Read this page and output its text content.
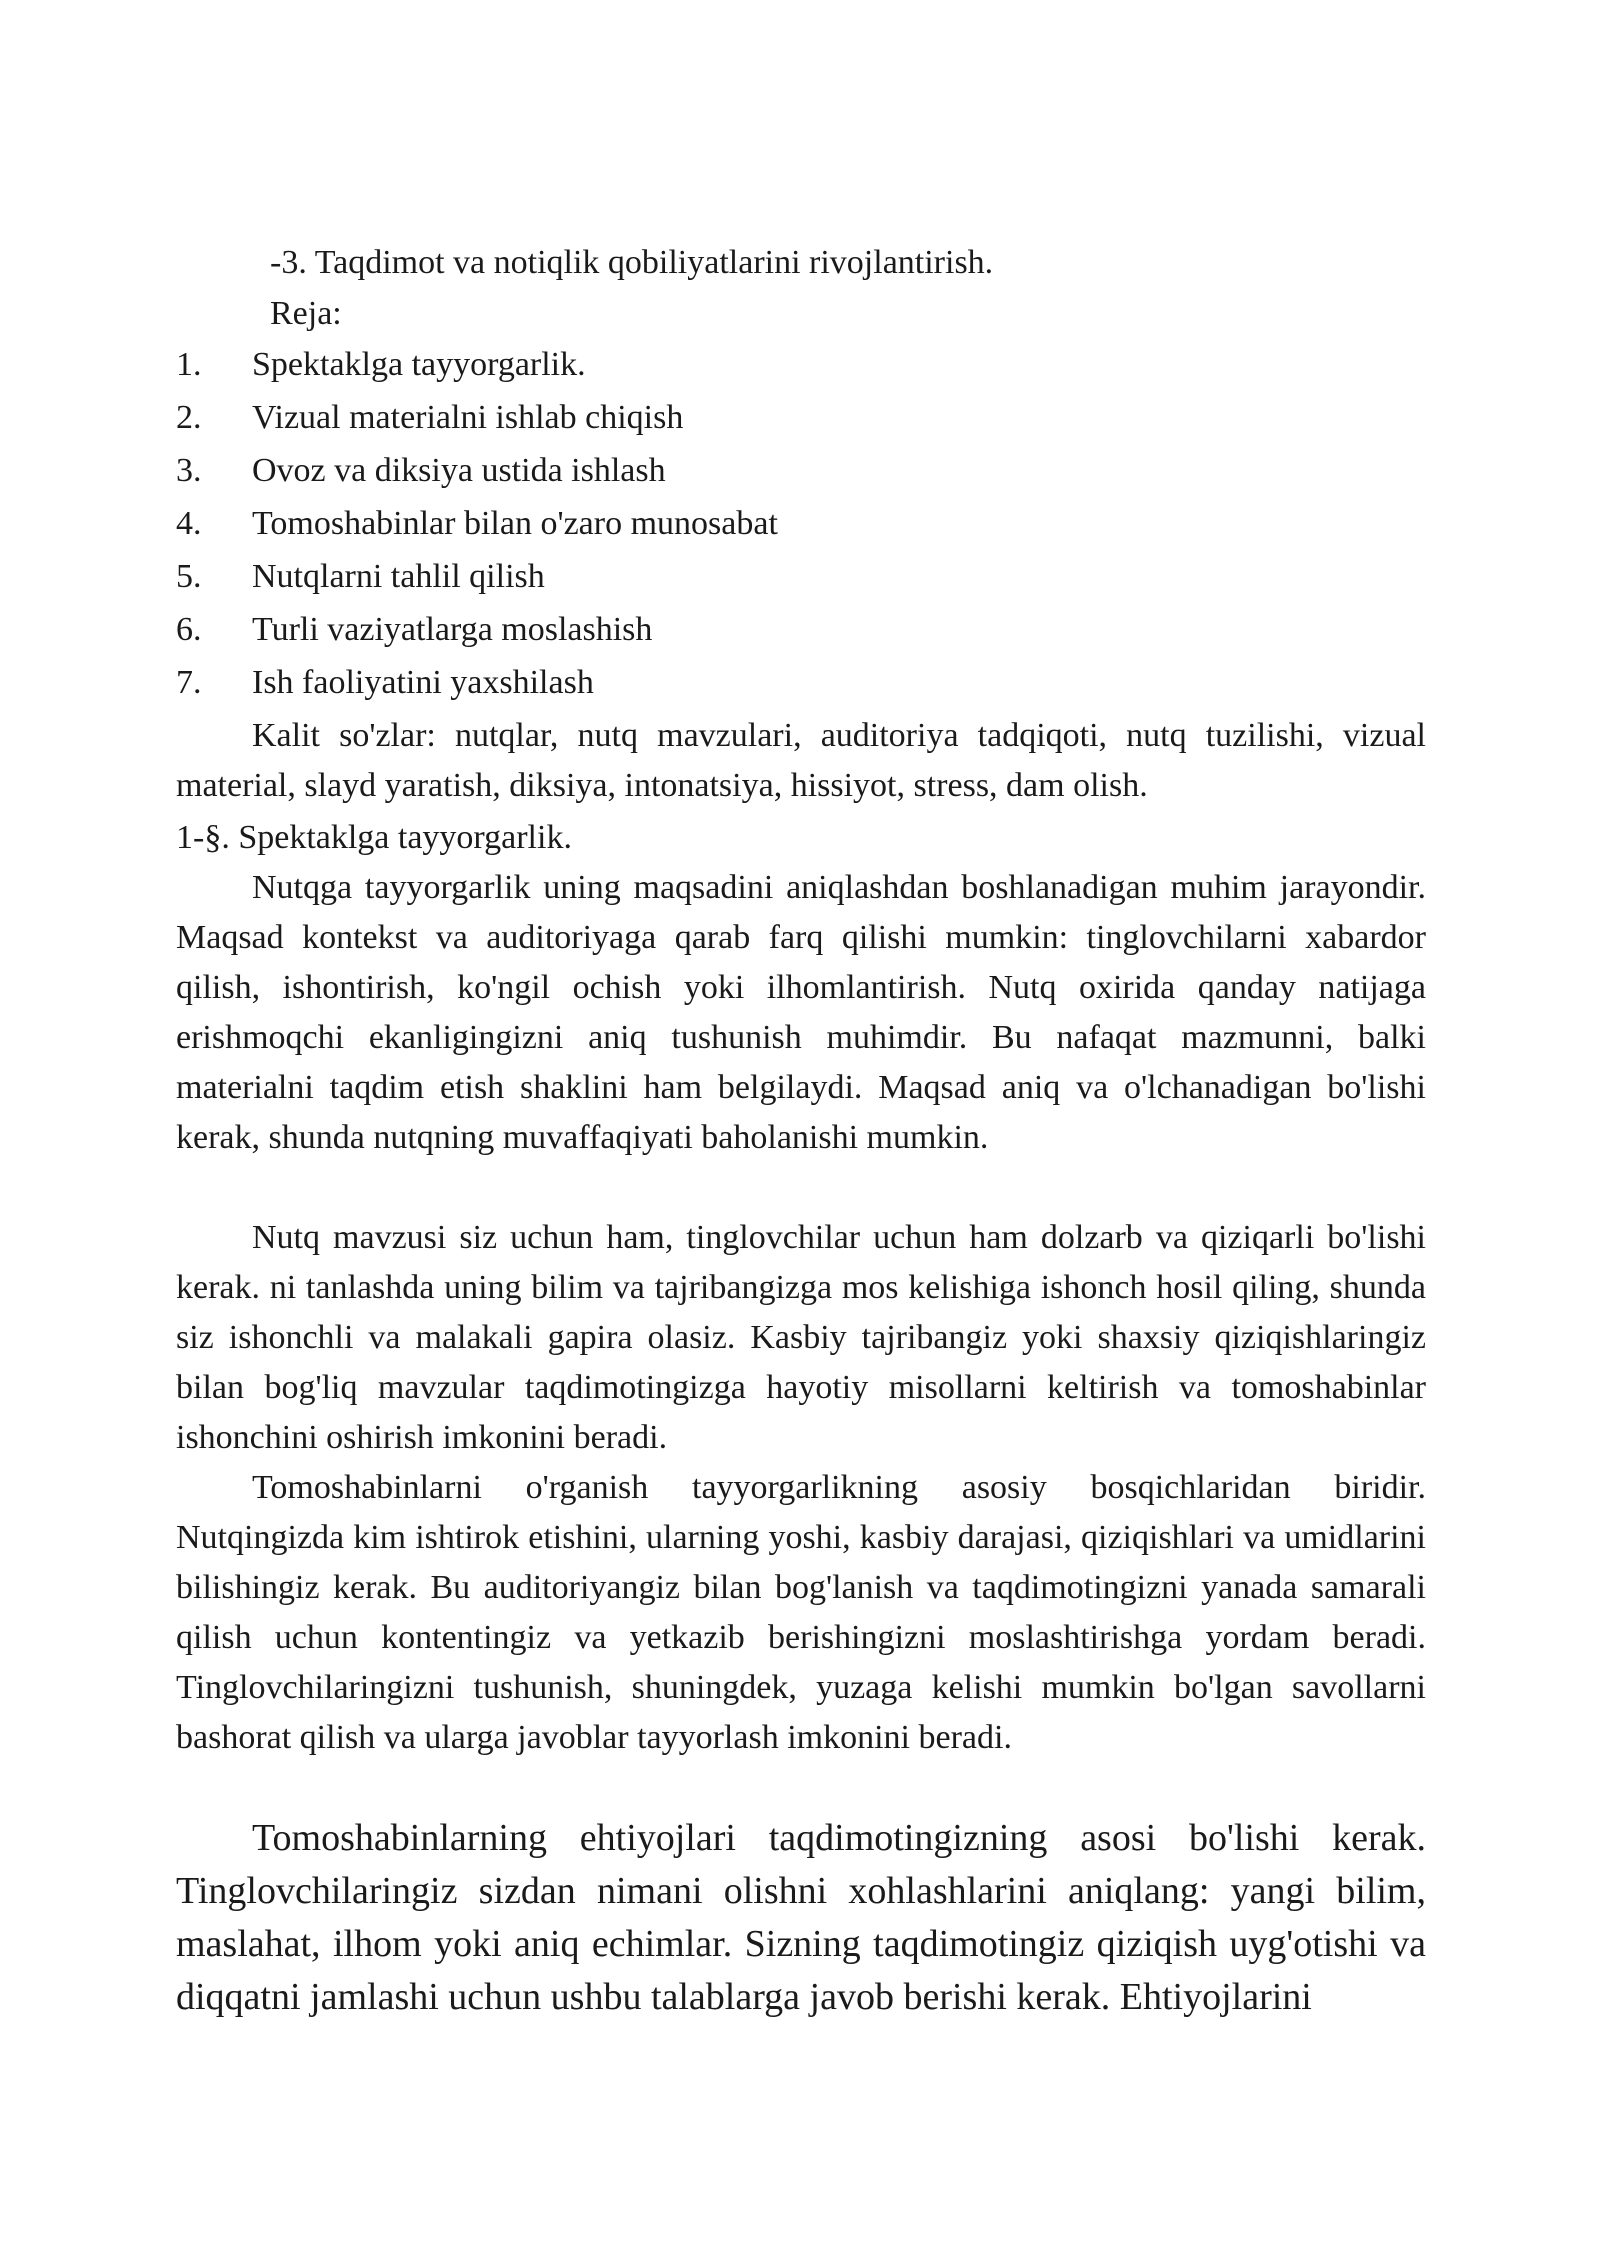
-3. Taqdimot va notiqlik qobiliyatlarini rivojlantirish.
Reja:
1. Spektaklga tayyorgarlik.
2. Vizual materialni ishlab chiqish
3. Ovoz va diksiya ustida ishlash
4. Tomoshabinlar bilan o'zaro munosabat
5. Nutqlarni tahlil qilish
6. Turli vaziyatlarga moslashish
7. Ish faoliyatini yaxshilash

Kalit so'zlar: nutqlar, nutq mavzulari, auditoriya tadqiqoti, nutq tuzilishi, vizual material, slayd yaratish, diksiya, intonatsiya, hissiyot, stress, dam olish.

1-§. Spektaklga tayyorgarlik.

Nutqga tayyorgarlik uning maqsadini aniqlashdan boshlanadigan muhim jarayondir. Maqsad kontekst va auditoriyaga qarab farq qilishi mumkin: tinglovchilarni xabardor qilish, ishontirish, ko'ngil ochish yoki ilhomlantirish. Nutq oxirida qanday natijaga erishmoqchi ekanligingizni aniq tushunish muhimdir. Bu nafaqat mazmunni, balki materialni taqdim etish shaklini ham belgilaydi. Maqsad aniq va o'lchanadigan bo'lishi kerak, shunda nutqning muvaffaqiyati baholanishi mumkin.

Nutq mavzusi siz uchun ham, tinglovchilar uchun ham dolzarb va qiziqarli bo'lishi kerak. ni tanlashda uning bilim va tajribangizga mos kelishiga ishonch hosil qiling, shunda siz ishonchli va malakali gapira olasiz. Kasbiy tajribangiz yoki shaxsiy qiziqishlaringiz bilan bog'liq mavzular taqdimotingizga hayotiy misollarni keltirish va tomoshabinlar ishonchini oshirish imkonini beradi.

Tomoshabinlarni o'rganish tayyorgarlikning asosiy bosqichlaridan biridir. Nutqingizda kim ishtirok etishini, ularning yoshi, kasbiy darajasi, qiziqishlari va umidlarini bilishingiz kerak. Bu auditoriyangiz bilan bog'lanish va taqdimotingizni yanada samarali qilish uchun kontentingiz va yetkazib berishingizni moslashtirishga yordam beradi. Tinglovchilaringizni tushunish, shuningdek, yuzaga kelishi mumkin bo'lgan savollarni bashorat qilish va ularga javoblar tayyorlash imkonini beradi.

Tomoshabinlarning ehtiyojlari taqdimotingizning asosi bo'lishi kerak. Tinglovchilaringiz sizdan nimani olishni xohlashlarini aniqlang: yangi bilim, maslahat, ilhom yoki aniq echimlar. Sizning taqdimotingiz qiziqish uyg'otishi va diqqatni jamlashi uchun ushbu talablarga javob berishi kerak. Ehtiyojlarini
